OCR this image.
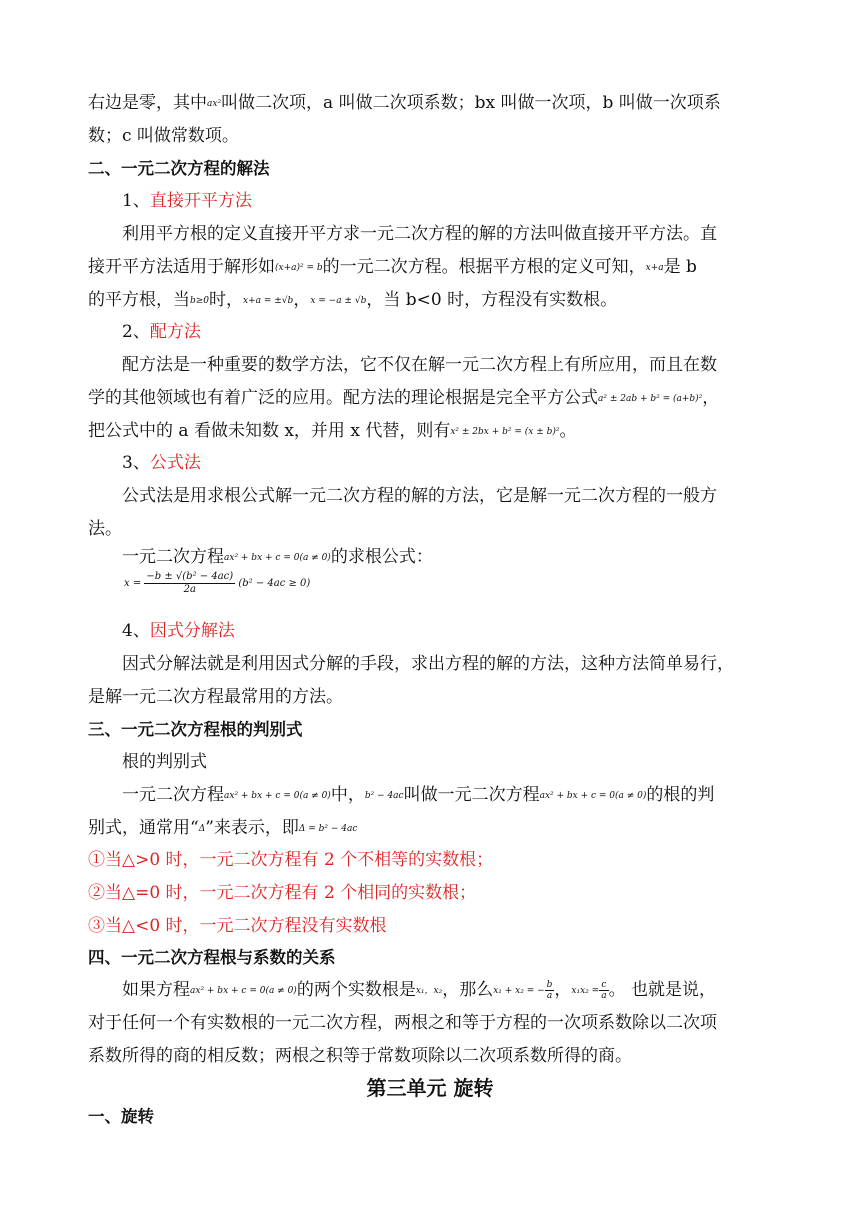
右边是零，其中ax²叫做二次项，a 叫做二次项系数；bx 叫做一次项，b 叫做一次项系
数；c 叫做常数项。
二、一元二次方程的解法
1、直接开平方法
利用平方根的定义直接开平方求一元二次方程的解的方法叫做直接开平方法。直
接开平方法适用于解形如(x+a)² = b的一元二次方程。根据平方根的定义可知，x+a是 b
的平方根，当b≥0时，x+a = ±√b，x = −a ± √b，当 b<0 时，方程没有实数根。
2、配方法
配方法是一种重要的数学方法，它不仅在解一元二次方程上有所应用，而且在数
学的其他领域也有着广泛的应用。配方法的理论根据是完全平方公式a² ± 2ab + b² = (a+b)²，
把公式中的 a 看做未知数 x，并用 x 代替，则有x² ± 2bx + b² = (x ± b)²。
3、公式法
公式法是用求根公式解一元二次方程的解的方法，它是解一元二次方程的一般方
法。
一元二次方程ax² + bx + c = 0(a ≠ 0)的求根公式：
$x = \frac{\text{−b ± √(b² − 4ac)}}{2a} (b^2 - 4ac \ge 0)$
4、因式分解法
因式分解法就是利用因式分解的手段，求出方程的解的方法，这种方法简单易行，
是解一元二次方程最常用的方法。
三、一元二次方程根的判别式
根的判别式
一元二次方程ax² + bx + c = 0(a ≠ 0)中，b² − 4ac叫做一元二次方程ax² + bx + c = 0(a ≠ 0)的根的判
别式，通常用“Δ”来表示，即Δ = b² − 4ac
①当△>0 时，一元二次方程有 2 个不相等的实数根；
②当△=0 时，一元二次方程有 2 个相同的实数根；
③当△<0 时，一元二次方程没有实数根
四、一元二次方程根与系数的关系
如果方程ax² + bx + c = 0(a ≠ 0)的两个实数根是x₁，x₂，那么x₁ + x₂ = − $\frac{b}{a}$ ，$x_1x_2 = \frac{c}{a}$ 。 也就是说，
对于任何一个有实数根的一元二次方程，两根之和等于方程的一次项系数除以二次项
系数所得的商的相反数；两根之积等于常数项除以二次项系数所得的商。
第三单元 旋转
一、旋转
